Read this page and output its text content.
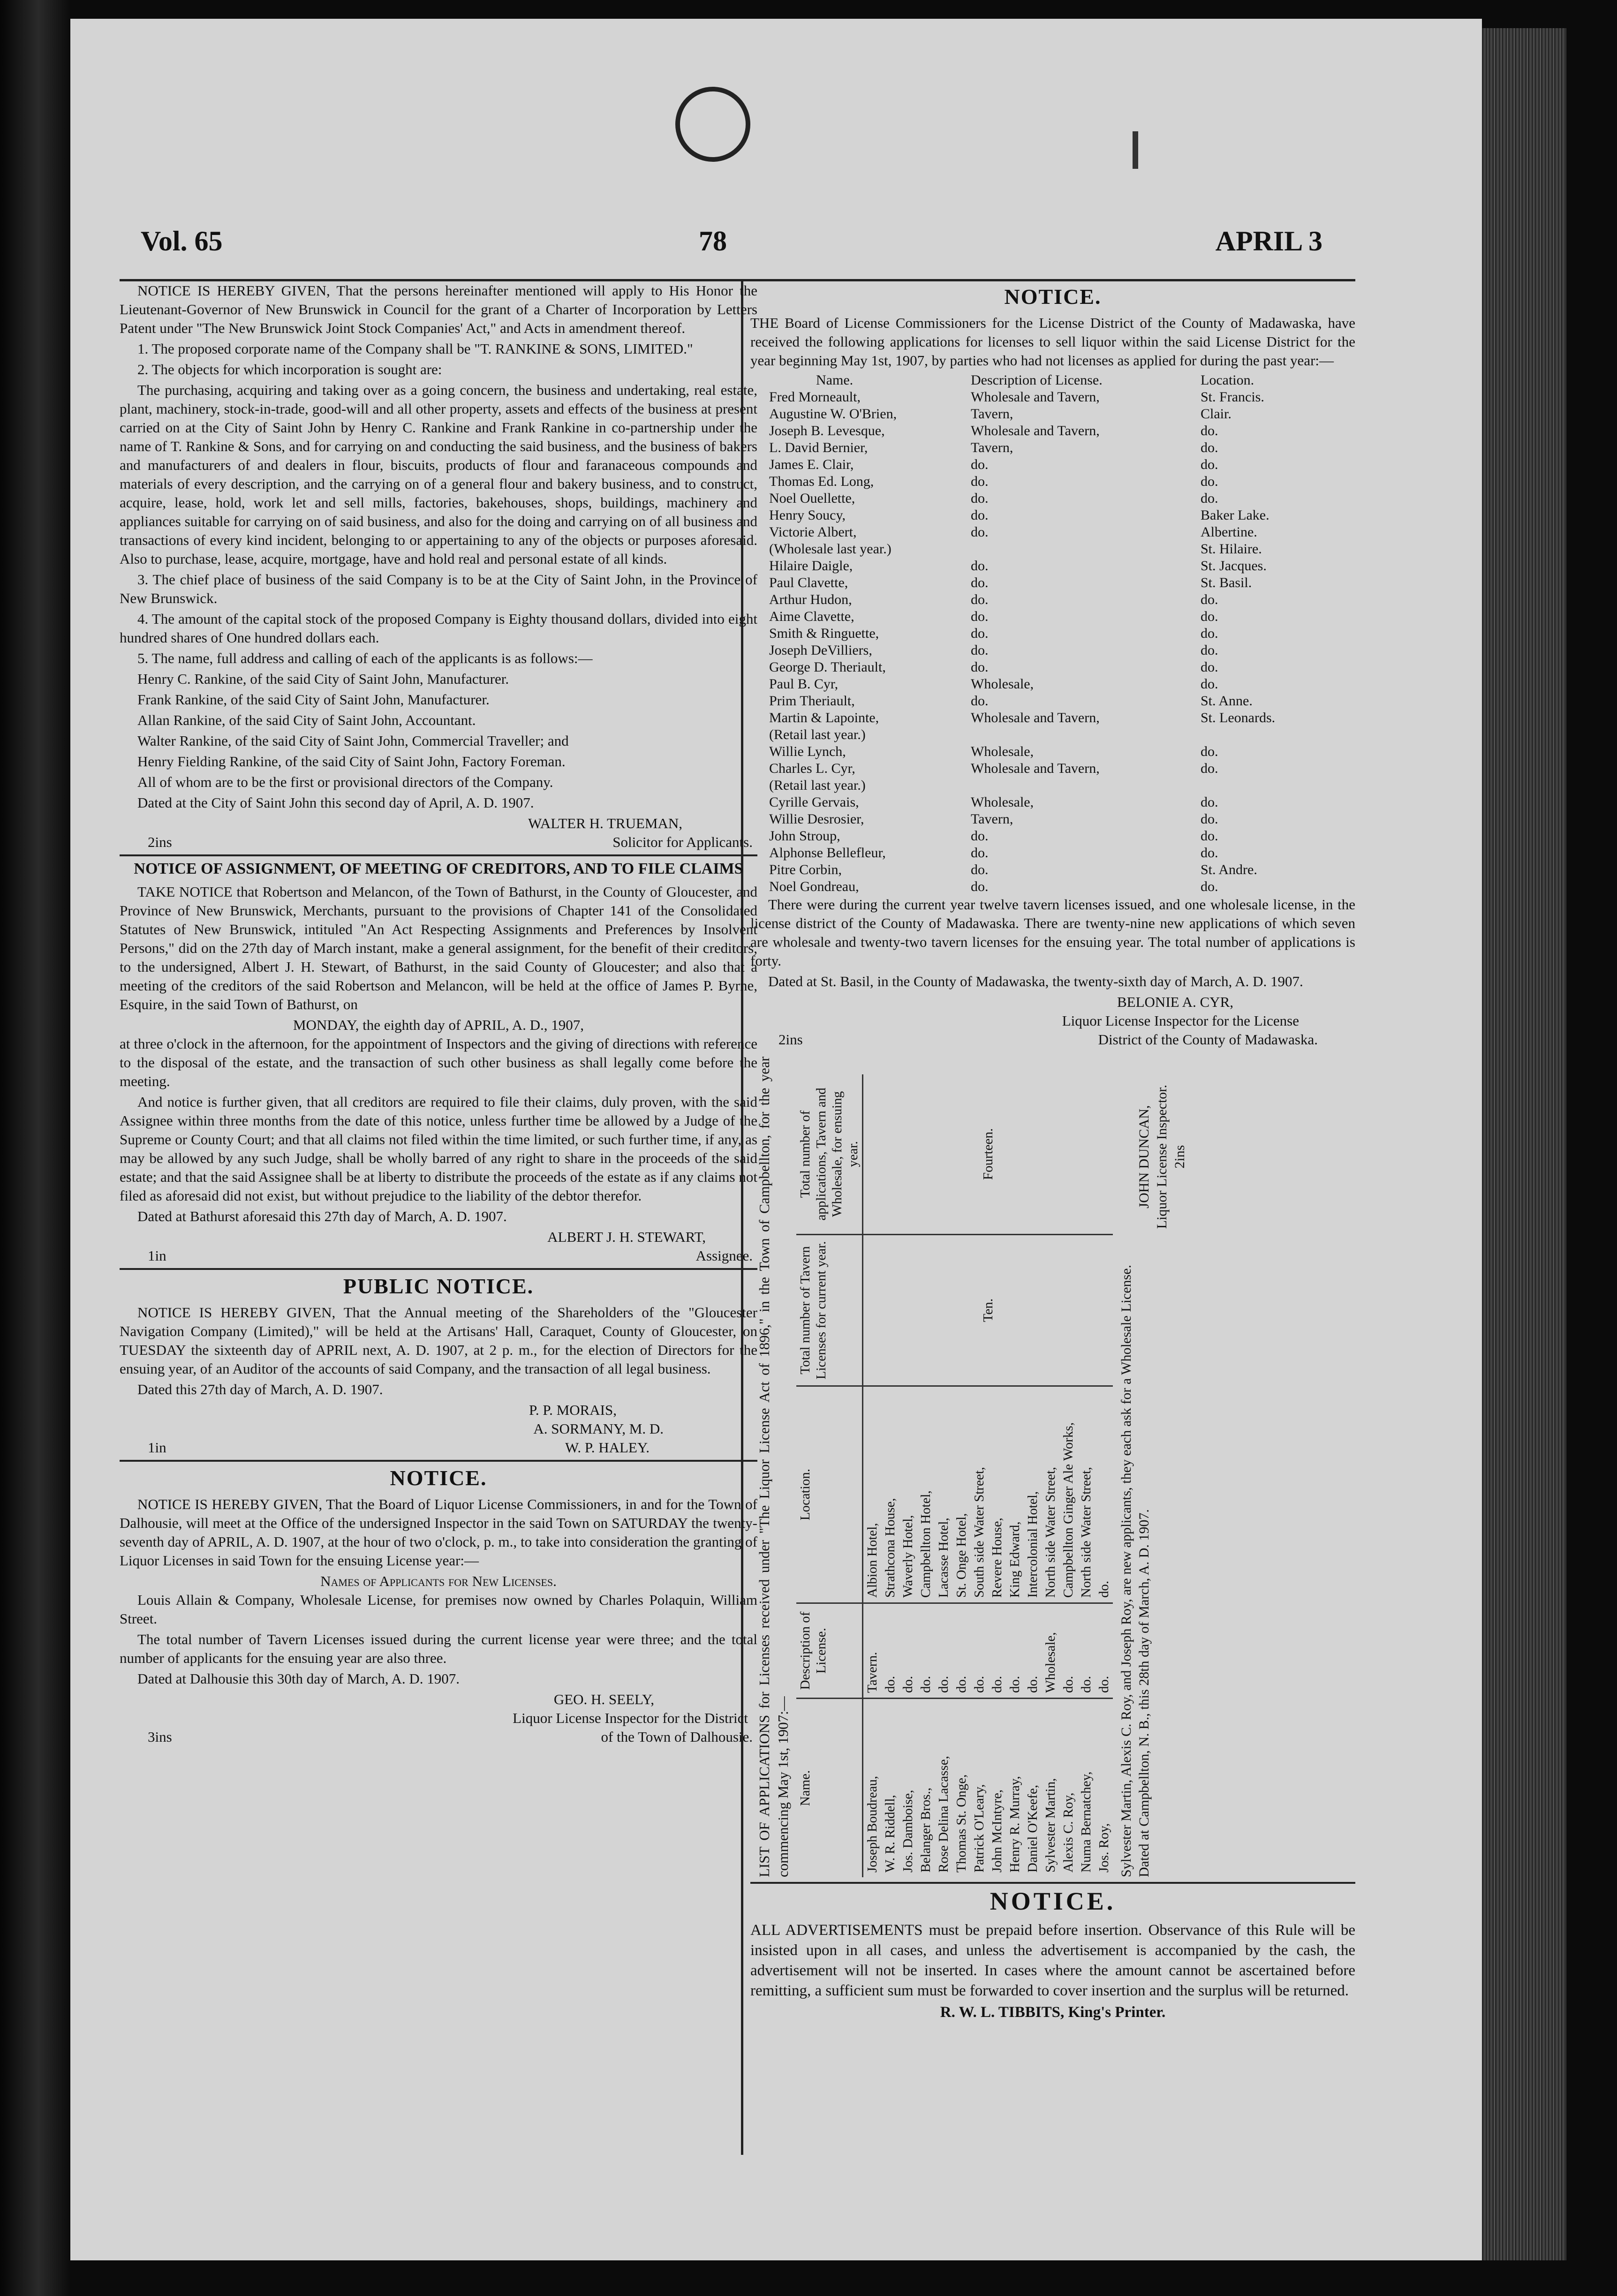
Vol. 65	78	APRIL 3

NOTICE IS HEREBY GIVEN, That the persons hereinafter mentioned will apply to His Honor the Lieutenant-Governor of New Brunswick in Council for the grant of a Charter of Incorporation by Letters Patent under "The New Brunswick Joint Stock Companies' Act," and Acts in amendment thereof.

1. The proposed corporate name of the Company shall be "T. RANKINE & SONS, LIMITED."

2. The objects for which incorporation is sought are:

The purchasing, acquiring and taking over as a going concern, the business and undertaking, real estate, plant, machinery, stock-in-trade, good-will and all other property, assets and effects of the business at present carried on at the City of Saint John by Henry C. Rankine and Frank Rankine in co-partnership under the name of T. Rankine & Sons, and for carrying on and conducting the said business, and the business of bakers and manufacturers of and dealers in flour, biscuits, products of flour and faranaceous compounds and materials of every description, and the carrying on of a general flour and bakery business, and to construct, acquire, lease, hold, work let and sell mills, factories, bakehouses, shops, buildings, machinery and appliances suitable for carrying on of said business, and also for the doing and carrying on of all business and transactions of every kind incident, belonging to or appertaining to any of the objects or purposes aforesaid. Also to purchase, lease, acquire, mortgage, have and hold real and personal estate of all kinds.

3. The chief place of business of the said Company is to be at the City of Saint John, in the Province of New Brunswick.

4. The amount of the capital stock of the proposed Company is Eighty thousand dollars, divided into eight hundred shares of One hundred dollars each.

5. The name, full address and calling of each of the applicants is as follows:—

Henry C. Rankine, of the said City of Saint John, Manufacturer.

Frank Rankine, of the said City of Saint John, Manufacturer.

Allan Rankine, of the said City of Saint John, Accountant.

Walter Rankine, of the said City of Saint John, Commercial Traveller; and

Henry Fielding Rankine, of the said City of Saint John, Factory Foreman.

All of whom are to be the first or provisional directors of the Company.

Dated at the City of Saint John this second day of April, A. D. 1907.

WALTER H. TRUEMAN,

2ins	Solicitor for Applicants.
NOTICE OF ASSIGNMENT, OF MEETING OF CREDITORS, AND TO FILE CLAIMS

TAKE NOTICE that Robertson and Melancon, of the Town of Bathurst, in the County of Gloucester, and Province of New Brunswick, Merchants, pursuant to the provisions of Chapter 141 of the Consolidated Statutes of New Brunswick, intituled "An Act Respecting Assignments and Preferences by Insolvent Persons," did on the 27th day of March instant, make a general assignment, for the benefit of their creditors, to the undersigned, Albert J. H. Stewart, of Bathurst, in the said County of Gloucester; and also that a meeting of the creditors of the said Robertson and Melancon, will be held at the office of James P. Byrne, Esquire, in the said Town of Bathurst, on

MONDAY, the eighth day of APRIL, A. D., 1907,

at three o'clock in the afternoon, for the appointment of Inspectors and the giving of directions with reference to the disposal of the estate, and the transaction of such other business as shall legally come before the meeting.

And notice is further given, that all creditors are required to file their claims, duly proven, with the said Assignee within three months from the date of this notice, unless further time be allowed by a Judge of the Supreme or County Court; and that all claims not filed within the time limited, or such further time, if any, as may be allowed by any such Judge, shall be wholly barred of any right to share in the proceeds of the said estate; and that the said Assignee shall be at liberty to distribute the proceeds of the estate as if any claims not filed as aforesaid did not exist, but without prejudice to the liability of the debtor therefor.

Dated at Bathurst aforesaid this 27th day of March, A. D. 1907.

ALBERT J. H. STEWART,

1in	Assignee.
PUBLIC NOTICE.

NOTICE IS HEREBY GIVEN, That the Annual meeting of the Shareholders of the "Gloucester Navigation Company (Limited)," will be held at the Artisans' Hall, Caraquet, County of Gloucester, on TUESDAY the sixteenth day of APRIL next, A. D. 1907, at 2 p. m., for the election of Directors for the ensuing year, of an Auditor of the accounts of said Company, and the transaction of all legal business.

Dated this 27th day of March, A. D. 1907.

P. P. MORAIS,

A. SORMANY, M. D.

1in	W. P. HALEY.
NOTICE.

NOTICE IS HEREBY GIVEN, That the Board of Liquor License Commissioners, in and for the Town of Dalhousie, will meet at the Office of the undersigned Inspector in the said Town on SATURDAY the twenty-seventh day of APRIL, A. D. 1907, at the hour of two o'clock, p. m., to take into consideration the granting of Liquor Licenses in said Town for the ensuing License year:—

Names of Applicants for New Licenses.

Louis Allain & Company, Wholesale License, for premises now owned by Charles Polaquin, William Street.

The total number of Tavern Licenses issued during the current license year were three; and the total number of applicants for the ensuing year are also three.

Dated at Dalhousie this 30th day of March, A. D. 1907.

GEO. H. SEELY,

Liquor License Inspector for the District

3ins	of the Town of Dalhousie.
NOTICE.

THE Board of License Commissioners for the License District of the County of Madawaska, have received the following applications for licenses to sell liquor within the said License District for the year beginning May 1st, 1907, by parties who had not licenses as applied for during the past year:—

Name.	Description of License.	Location.
Fred Morneault,	Wholesale and Tavern,	St. Francis.
Augustine W. O'Brien,	Tavern,	Clair.
Joseph B. Levesque,	Wholesale and Tavern,	do.
L. David Bernier,	Tavern,	do.
James E. Clair,	do.	do.
Thomas Ed. Long,	do.	do.
Noel Ouellette,	do.	do.
Henry Soucy,	do.	Baker Lake.
Victorie Albert,	do.	Albertine.
(Wholesale last year.)		St. Hilaire.
Hilaire Daigle,	do.	St. Jacques.
Paul Clavette,	do.	St. Basil.
Arthur Hudon,	do.	do.
Aime Clavette,	do.	do.
Smith & Ringuette,	do.	do.
Joseph DeVilliers,	do.	do.
George D. Theriault,	do.	do.
Paul B. Cyr,	Wholesale,	do.
Prim Theriault,	do.	St. Anne.
Martin & Lapointe,	Wholesale and Tavern,	St. Leonards.
(Retail last year.)		
Willie Lynch,	Wholesale,	do.
Charles L. Cyr,	Wholesale and Tavern,	do.
(Retail last year.)		
Cyrille Gervais,	Wholesale,	do.
Willie Desrosier,	Tavern,	do.
John Stroup,	do.	do.
Alphonse Bellefleur,	do.	do.
Pitre Corbin,	do.	St. Andre.
Noel Gondreau,	do.	do.

There were during the current year twelve tavern licenses issued, and one wholesale license, in the license district of the County of Madawaska. There are twenty-nine new applications of which seven are wholesale and twenty-two tavern licenses for the ensuing year. The total number of applications is forty.

Dated at St. Basil, in the County of Madawaska, the twenty-sixth day of March, A. D. 1907.

BELONIE A. CYR,

Liquor License Inspector for the License

2ins	District of the County of Madawaska.
LIST OF APPLICATIONS for Licenses received under "The Liquor License Act of 1896," in the Town of Campbellton, for the year commencing May 1st, 1907:— Name.	Description of License.	Location.	Total number of Tavern Licenses for current year.	Total number of applications, Tavern and Wholesale, for ensuing year.
Joseph Boudreau,	Tavern.	Albion Hotel,	Ten.	Fourteen.
W. R. Riddell,	do.	Strathcona House,		
Jos. Damboise,	do.	Waverly Hotel,		
Belanger Bros.,	do.	Campbellton Hotel,		
Rose Delina Lacasse,	do.	Lacasse Hotel,		
Thomas St. Onge,	do.	St. Onge Hotel,		
Patrick O'Leary,	do.	South side Water Street,		
John McIntyre,	do.	Revere House,		
Henry R. Murray,	do.	King Edward,		
Daniel O'Keefe,	do.	Intercolonial Hotel,		
Sylvester Martin,	Wholesale,	North side Water Street,		
Alexis C. Roy,	do.	Campbellton Ginger Ale Works,		
Numa Bernatchey,	do.	North side Water Street,		
Jos. Roy,	do.	do.		Sylvester Martin, Alexis C. Roy, and Joseph Roy, are new applicants, they each ask for a Wholesale License. Dated at Campbellton, N. B., this 28th day of March, A. D. 1907.
JOHN DUNCAN, Liquor License Inspector. 2ins
NOTICE.

ALL ADVERTISEMENTS must be prepaid before insertion. Observance of this Rule will be insisted upon in all cases, and unless the advertisement is accompanied by the cash, the advertisement will not be inserted. In cases where the amount cannot be ascertained before remitting, a sufficient sum must be forwarded to cover insertion and the surplus will be returned.

R. W. L. TIBBITS, King's Printer.
